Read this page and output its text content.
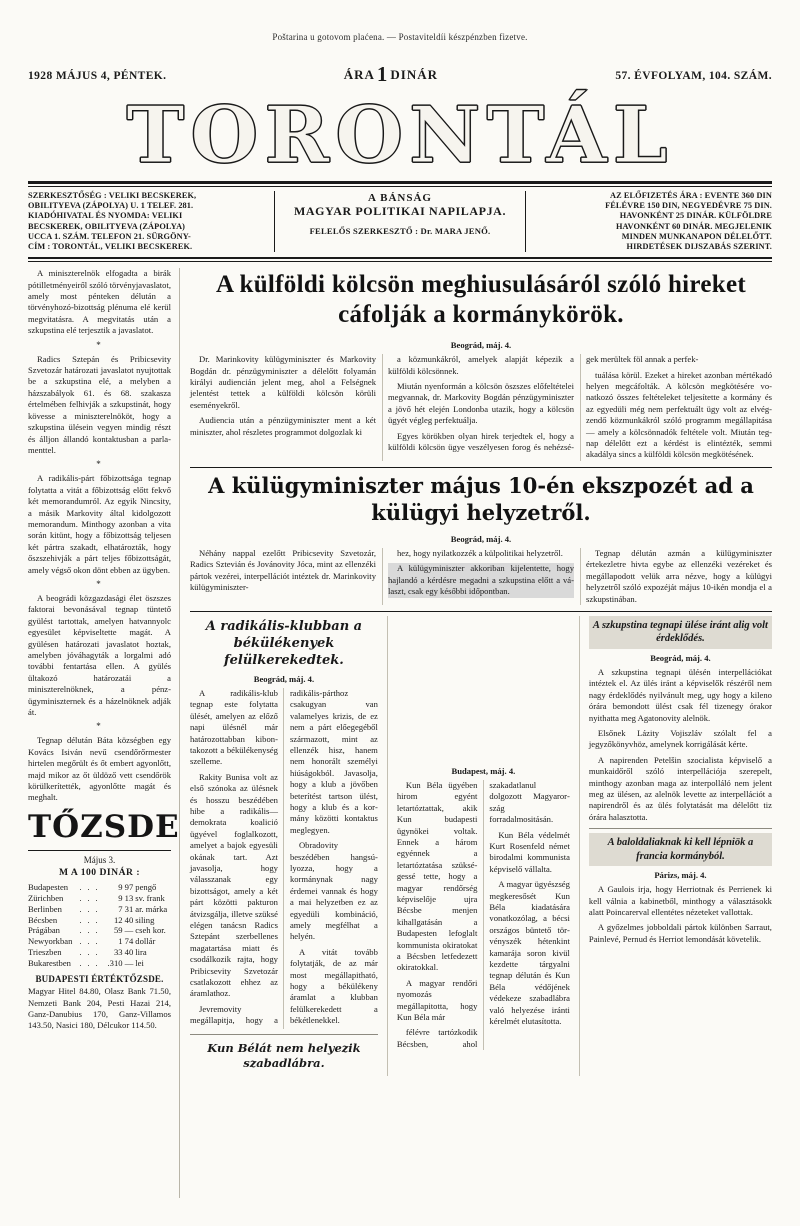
Poštarina u gotovom plaćena. — Postaviteldíi készpénzben fizetve.
1928 MÁJUS 4, PÉNTEK.	ÁRA1 DINÁR	57. ÉVFOLYAM, 104. SZÁM.
TORONTÁL
SZERKESZTŐSÉG : VELIKI BECSKEREK,
OBILITYEVA (ZÁPOLYA) U. 1 TELEF. 281.
KIADÓHIVATAL ÉS NYOMDA: VELIKI
BECSKEREK, OBILITYEVA (ZÁPOLYA)
UCCA 1. SZÁM. TELEFON 21. SÜRGÖNY-
CÍM : TORONTÁL, VELIKI BECSKEREK.
A BÁNSÁG
MAGYAR POLITIKAI NAPILAPJA.
FELELŐS SZERKESZTŐ : Dr. MARA JENŐ.
AZ ELŐFIZETÉS ÁRA : EVENTE 360 DIN
FÉLÉVRE 150 DIN, NEGYEDÉVRE 75 DIN.
HAVONKÉNT 25 DINÁR. KÜLFÖLDRE
HAVONKÉNT 60 DINÁR. MEGJELENIK
MINDEN MUNKANAPON DÉLELŐTT.
HIRDETÉSEK DIJSZABÁS SZERINT.

A miniszterelnök elfogadta a birák pótilletményeiről szóló törvényjavaslatot, amely most pénteken délután a törvényhozó-bizottság plénuma elé kerül megvitatásra. A megvitatás után a szkupstina elé terjesztik a javaslatot.

*

Radics Sztepán és Pribicsevity Szvetozár határozati javaslatot nyujtottak be a szkupstina elé, a melyben a házszabályok 61. és 68. szakasza értelmében felhivják a szkupstinát, hogy kövesse a miniszterelnököt, hogy a szkupstina ülésein vegyen mindig részt és álljon állandó kontaktusban a parlamenttel.

*

A radikális-párt főbizottsága tegnap folytatta a vitát a főbizottság előtt fekvő két memorandumról. Az egyik Nincsity, a másik Markovity által kidolgozott memorandum. Minthogy azonban a vita során kitünt, hogy a főbizottság teljesen két pártra szakadt, elhatározták, hogy őszszehivják a párt teljes főbizottságát, amely végső okon dönt ebben az ügyben.

*

A beográdi közgazdasági élet öszszes faktorai bevonásával tegnap tüntető gyülést tartottak, amelyen hatvannyolc egyesület képviseltette magát. A gyülésen határozati javaslatot hoztak, amelyben jóváhagyták a lorgalmi adó további fentartása ellen. A gyülés ültakozó határozatái a miniszterelnöknek, a pénzügyminiszternek és a házelnöknek adják át.

*

Tegnap délután Báta községben egy Kovács Isiván nevű csendőrőrmester hirtelen megőrült és őt embert agyonlőtt, majd mikor az őt üldöző vett csendőrök körülkerítették, agyonlőtte magát és meghalt.

TŐZSDE
Május 3.
M A 100 DINÁR :
Budapesten	. . .	9 97	pengő
Zürichben	. . .	9 13	sv. frank
Berlinben	. . .	7 31	ar. márka
Bécsben	. . .	12 40	siling
Prágában	. . .	59 —	cseh kor.
Newyorkban	. . .	1 74	dollár
Trieszben	. . .	33 40	lira
Bukarestben	. . .	.310 —	lei
BUDAPESTI ÉRTÉKTŐZSDE.

Magyar Hitel 84.80, Olasz Bank 71.50, Nemzeti Bank 204, Pesti Hazai 214, Ganz-Danubius 170, Ganz-Villamos 143.50, Nasici 180, Délcukor 114.50.

A külföldi kölcsön meghiusulásáról szóló hireket cáfolják a kormánykörök.
Beográd, máj. 4.

Dr. Marinkovity külügyminiszter és Markovity Bogdán dr. pénzügyminiszter a délelőtt folyamán királyi audiencián jelent meg, ahol a Felségnek jelentést tettek a külföldi kölcsön körüli eseményekről.

Audiencia után a pénzügyminiszter ment a két miniszter, ahol részletes programmot dolgozlak ki

a közmunkákról, amelyek alapját képezik a külföldi kölcsönnek.

Miután nyenformán a kölcsön öszszes előfeltételei megvannak, dr. Markovity Bogdán pénzügyminiszter a jövő hét elején Londonba utazik, hogy a kölcsön ügyét végleg perfektuálja.

Egyes körökben olyan hirek terjedtek el, hogy a külföldi kölcsön ügye veszélyesen forog és nehézségek merültek föl annak a perfek-

tuálása körül. Ezeket a hireket azonban mértékadó helyen megcáfolták. A kölcsön megkötésére vonatkozó összes feltételeket teljesítette a kormány és az egyedüli még nem perfektuált ügy volt az elvégzendő közmunkákról szóló programm megállapitása — amely a kölcsönnadók feltétele volt. Miután tegnap délelőtt ezt a kérdést is elintézték, semmi akadálya sincs a külföldi kölcsön megkötésének.

A külügyminiszter május 10-én ekszpozét ad a külügyi helyzetről.
Beográd, máj. 4.

Néhány nappal ezelőtt Pribicsevity Szvetozár, Radics Sztevián és Jovánovity Jóca, mint az ellenzéki pártok vezérei, interpellációt intéztek dr. Marinkovity külügyminiszter-

hez, hogy nyilatkozzék a külpolitikai helyzetről.

A külügyminiszter akkoriban kijelentette, hogy hajlandó a kérdésre megadni a szkupstina előtt a választ, csak egy későbbi időpontban.

Tegnap délután azmán a külügyminiszter értekezletre hivta egybe az ellenzéki vezéreket és megállapodott velük arra nézve, hogy a külügyi helyzetről szóló expozéját május 10-ikén mondja el a szkupstinában.

A radikális-klubban a békülékenyek felülkerekedtek.
Beográd, máj. 4.

A radikális-klub tegnap este folytatta ülését, amelyen az előző napi ülésnél már határozottabban kibontakozott a békülékenység szelleme.

Rakity Bunisa volt az első szónoka az ülésnek és hosszu beszédében hibe a radikális—demokrata koalició ügyével foglalkozott, amelyet a bajok egyesüli okának tart. Azt javasolja, hogy válasszanak egy bizottságot, amely a két párt közötti pakturon átvizsgálja, illetve szüksé elégen tanácsn Radics Sztepánt szerbellenes magatartása miatt és csodálkozik rajta, hogy Pribicsevity Szvetozár csatlakozott ehhez az áramlathoz.

Jevremovity megállapitja, hogy a radikális-párthoz csakugyan van valamelyes krizis, de ez nem a párt előegegéből származott, mint az ellenzék hisz, hanem nem honorált személyi hiúságokból. Javasolja, hogy a klub a jövőben beterítést tartson ülést, hogy a klub és a kormány közötti kontaktus meglegyen.

Obradovity beszédében hangsúlyozza, hogy a kormánynak nagy érdemei vannak és hogy a mai helyzetben ez az egyedüli kombináció, amely megfélhat a helyén.

A vitát tovább folytatják, de az már most megállapitható, hogy a békülékeny áramlat a klubban felülkerekedett a békétlenekkel.

Kun Bélát nem helyezik szabadlábra.
Budapest, máj. 4.

Kun Béla ügyében hirom egyént letartóztattak, akik Kun budapesti ügynökei voltak. Ennek a három egyénnek a letartóztatása szükségessé tette, hogy a magyar rendőrség képviselője ujra Bécsbe menjen kihallgatásán a Budapesten lefoglalt kommunista okiratokat a Bécsben letfedezett okiratokkal.

A magyar rendőri nyomozás megállapitotta, hogy Kun Béla már

félévre tartózkodik Bécsben, ahol szakadatlanul dolgozott Magyarország forradalmositásán.

Kun Béla védelmét Kurt Rosenfeld német birodalmi kommunista képviselő vállalta.

A magyar ügyészség megkeresősét Kun Béla kiadatására vonatkozólag, a bécsi országos büntető törvényszék hétenkint kamarája soron kivül kezdette tárgyalni tegnap délután és Kun Béla védőjének védekeze szabadlábra való helyezése iránti kérelmét elutasította.

A szkupstina tegnapi ülése iránt alig volt érdeklődés.
Beográd, máj. 4.

A szkupstina tegnapi ülésén interpellációkat intéztek el. Az ülés iránt a képviselők részéről nem nagy érdeklődés nyilvánult meg, ugy hogy a kileno órára bemondott ülést csak fél tizenegy órakor nyithatta meg Agatonovity alelnök.

Elsőnek Lázity Vojiszláv szólalt fel a jegyzőkönyvhöz, amelynek korrigálását kérte.

A napirenden Petelšin szocialista képviselő a munkaidőről szóló interpellációja szerepelt, minthogy azonban maga az interpolláló nem jelent meg az ülésen, az alelnök levette az interpellációt a napirendről és az ülés folytatását ma délelőtt tiz órára halasztotta.

A baloldaliaknak ki kell lépniök a francia kormányból.
Párizs, máj. 4.

A Gaulois irja, hogy Herriotnak és Perrienek ki kell válnia a kabinetből, minthogy a választásokk alatt Poincarerval ellentétes nézeteket vallottak.

A győzelmes jobboldali pártok különben Sarraut, Painlevé, Pernud és Herriot lemondását követelik.
